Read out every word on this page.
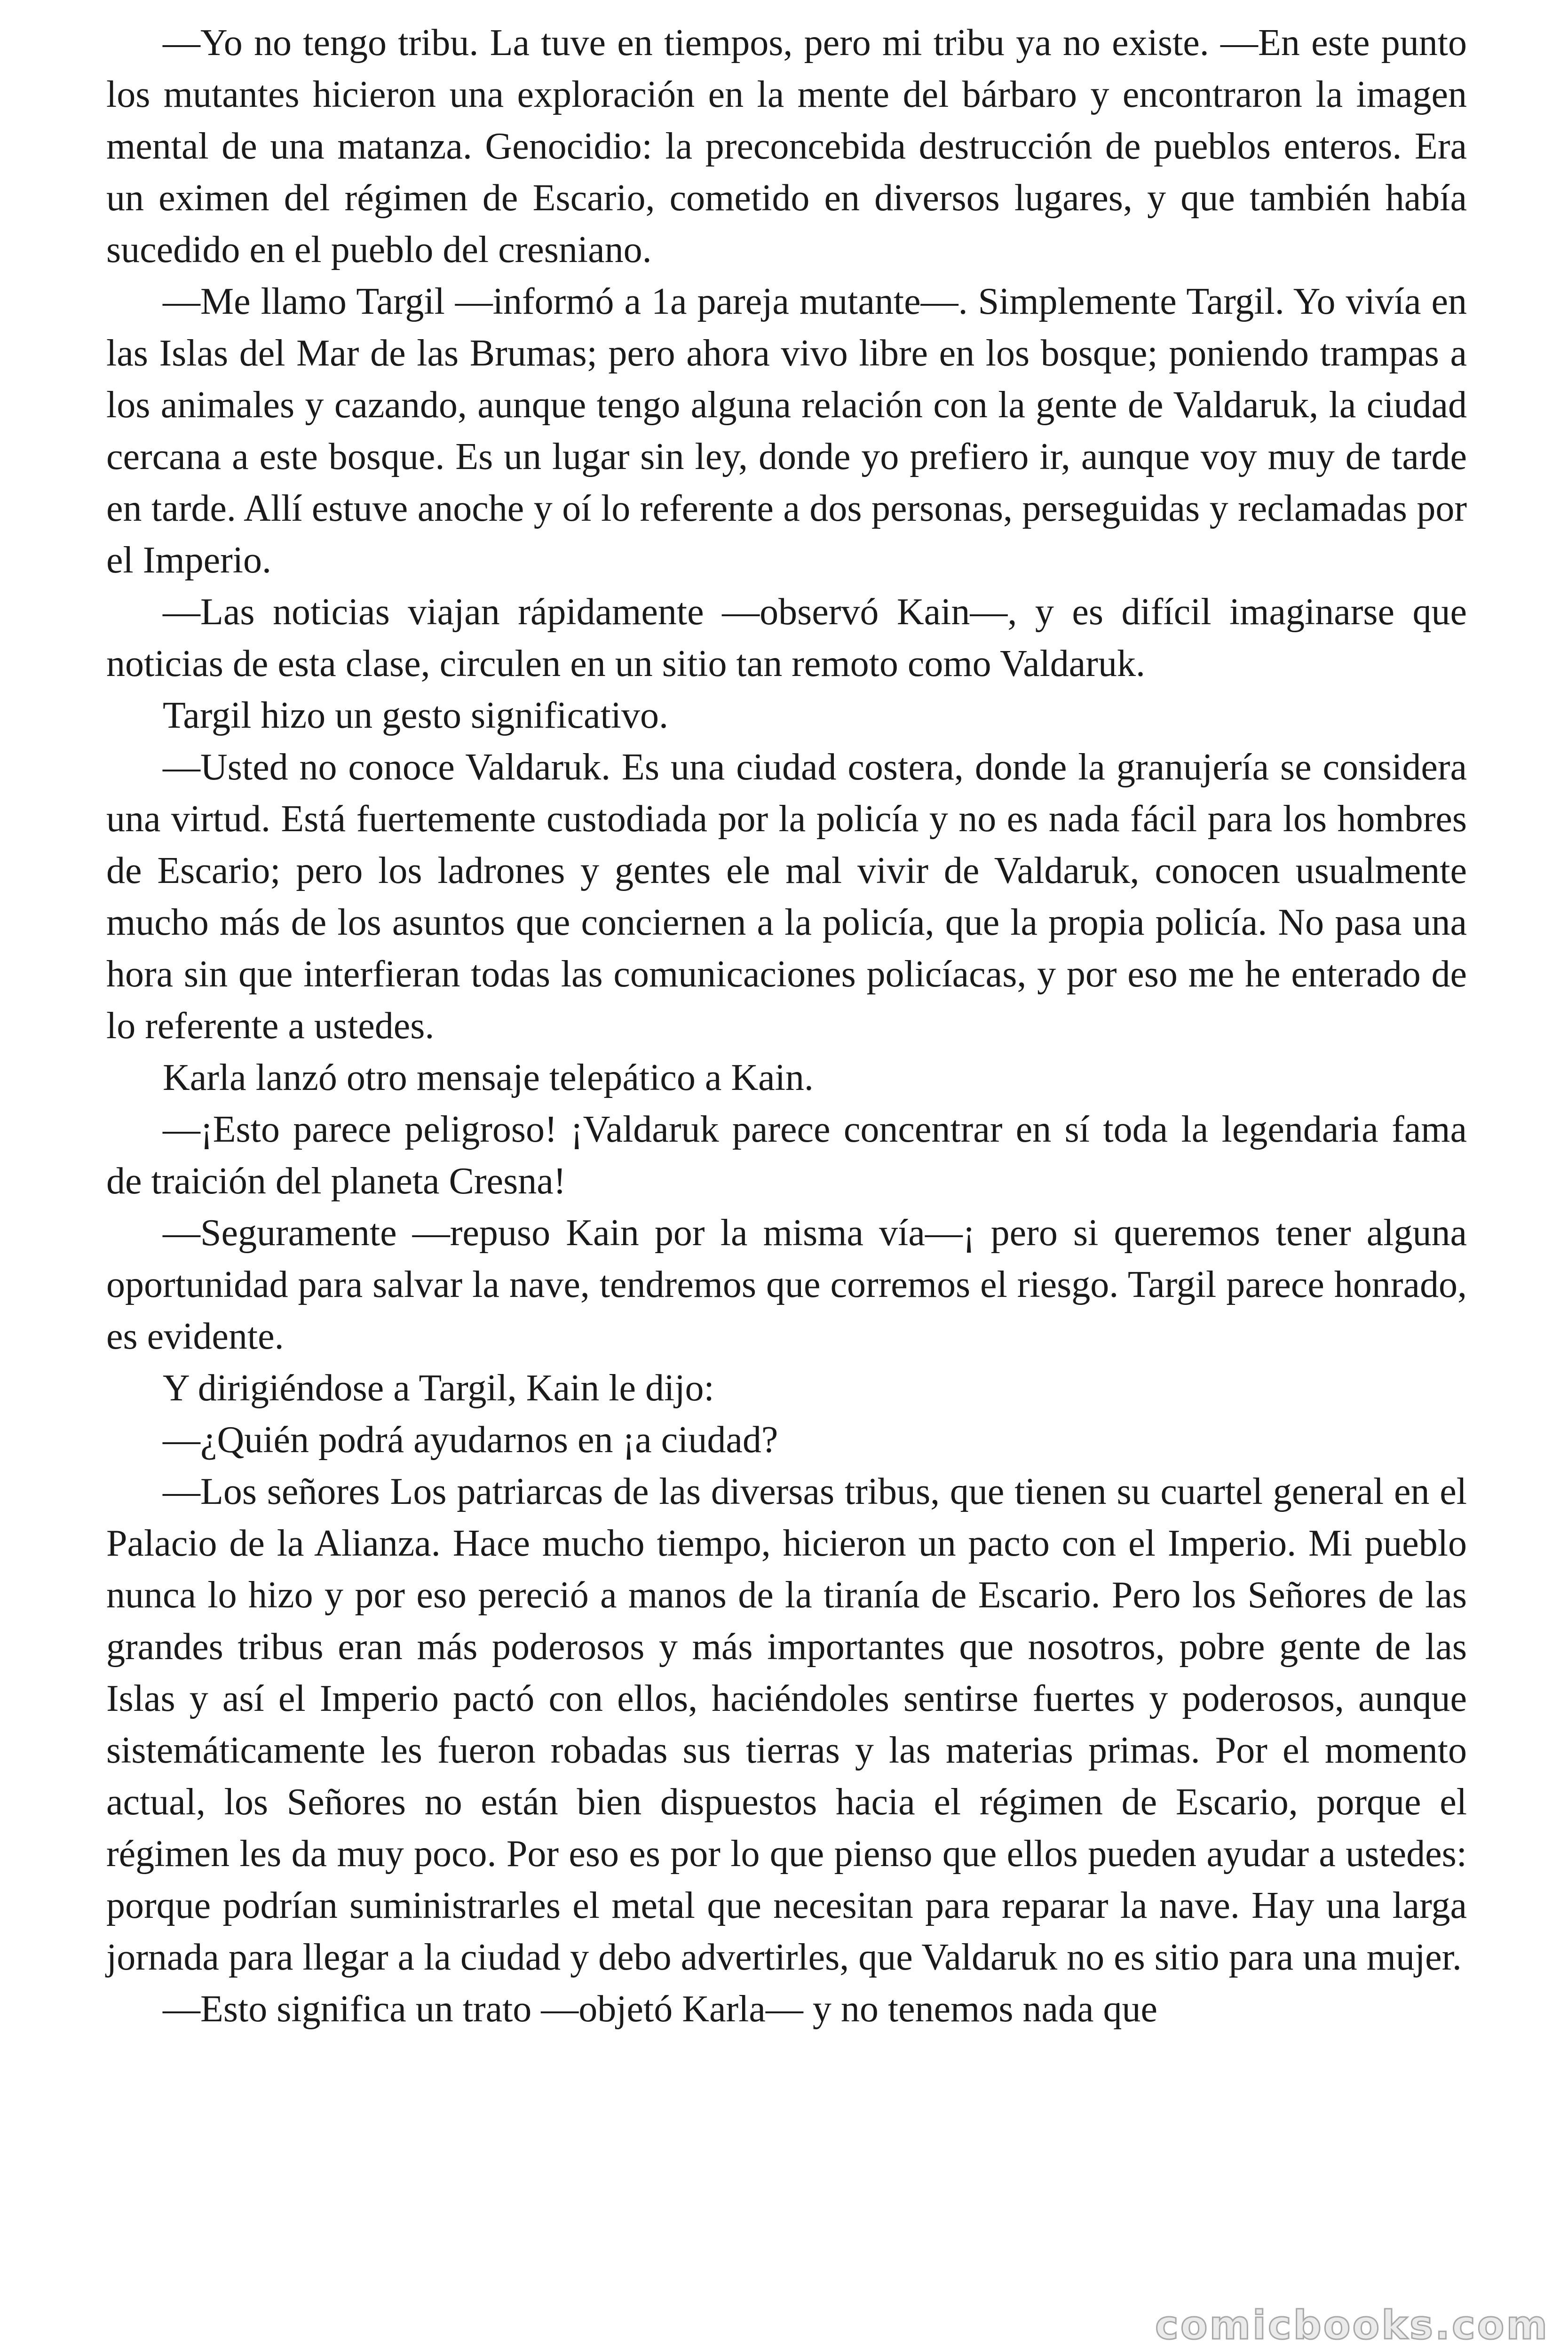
—Yo no tengo tribu. La tuve en tiempos, pero mi tribu ya no existe. —En este punto los mutantes hicieron una exploración en la mente del bárbaro y encontraron la imagen mental de una matanza. Genocidio: la preconcebida destrucción de pueblos enteros. Era un eximen del régimen de Escario, cometido en diversos lugares, y que también había sucedido en el pueblo del cresniano.

—Me llamo Targil —informó a 1a pareja mutante—. Simplemente Targil. Yo vivía en las Islas del Mar de las Brumas; pero ahora vivo libre en los bosque; poniendo trampas a los animales y cazando, aunque tengo alguna relación con la gente de Valdaruk, la ciudad cercana a este bosque. Es un lugar sin ley, donde yo prefiero ir, aunque voy muy de tarde en tarde. Allí estuve anoche y oí lo referente a dos personas, perseguidas y reclamadas por el Imperio.

—Las noticias viajan rápidamente —observó Kain—, y es difícil imaginarse que noticias de esta clase, circulen en un sitio tan remoto como Valdaruk.

Targil hizo un gesto significativo.

—Usted no conoce Valdaruk. Es una ciudad costera, donde la granujería se considera una virtud. Está fuertemente custodiada por la policía y no es nada fácil para los hombres de Escario; pero los ladrones y gentes ele mal vivir de Valdaruk, conocen usualmente mucho más de los asuntos que conciernen a la policía, que la propia policía. No pasa una hora sin que interfieran todas las comunicaciones policíacas, y por eso me he enterado de lo referente a ustedes.

Karla lanzó otro mensaje telepático a Kain.

—¡Esto parece peligroso! ¡Valdaruk parece concentrar en sí toda la legendaria fama de traición del planeta Cresna!

—Seguramente —repuso Kain por la misma vía—¡ pero si queremos tener alguna oportunidad para salvar la nave, tendremos que corremos el riesgo. Targil parece honrado, es evidente.

Y dirigiéndose a Targil, Kain le dijo:

—¿Quién podrá ayudarnos en ¡a ciudad?

—Los señores Los patriarcas de las diversas tribus, que tienen su cuartel general en el Palacio de la Alianza. Hace mucho tiempo, hicieron un pacto con el Imperio. Mi pueblo nunca lo hizo y por eso pereció a manos de la tiranía de Escario. Pero los Señores de las grandes tribus eran más poderosos y más importantes que nosotros, pobre gente de las Islas y así el Imperio pactó con ellos, haciéndoles sentirse fuertes y poderosos, aunque sistemáticamente les fueron robadas sus tierras y las materias primas. Por el momento actual, los Señores no están bien dispuestos hacia el régimen de Escario, porque el régimen les da muy poco. Por eso es por lo que pienso que ellos pueden ayudar a ustedes: porque podrían suministrarles el metal que necesitan para reparar la nave. Hay una larga jornada para llegar a la ciudad y debo advertirles, que Valdaruk no es sitio para una mujer.

—Esto significa un trato —objetó Karla— y no tenemos nada que

comicbooks.com
